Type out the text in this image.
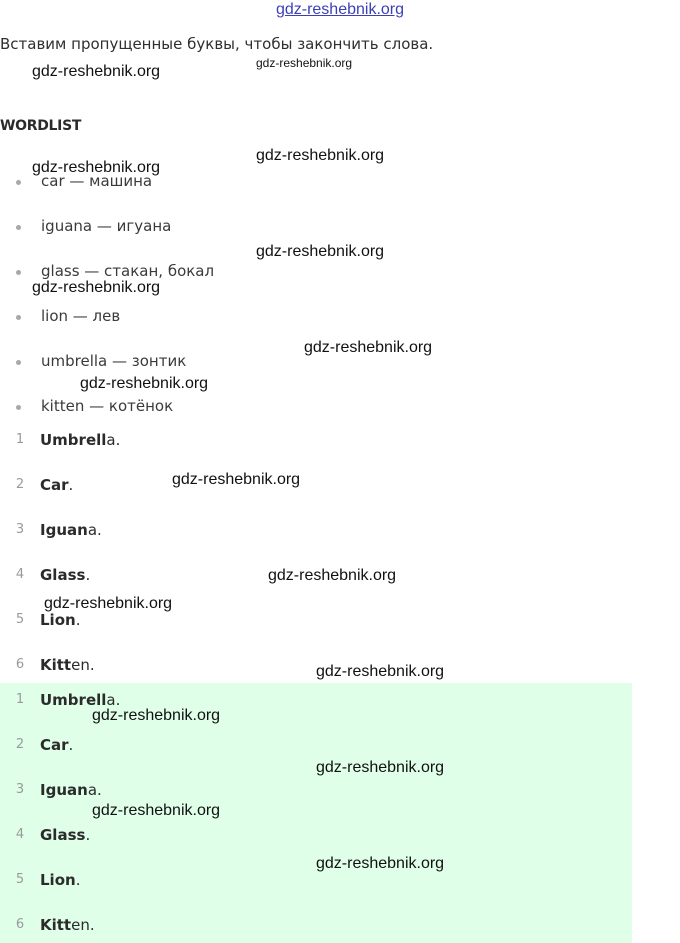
gdz-reshebnik.org
Вставим пропущенные буквы, чтобы закончить слова.
WORDLIST
car — машина
iguana — игуана
glass — стакан, бокал
lion — лев
umbrella — зонтик
kitten — котёнок
1 Umbrella.
2 Car.
3 Iguana.
4 Glass.
5 Lion.
6 Kitten.
1 Umbrella.
2 Car.
3 Iguana.
4 Glass.
5 Lion.
6 Kitten.
gdz-reshebnik.org
gdz-reshebnik.org
gdz-reshebnik.org
gdz-reshebnik.org
gdz-reshebnik.org
gdz-reshebnik.org
gdz-reshebnik.org
gdz-reshebnik.org
gdz-reshebnik.org
gdz-reshebnik.org
gdz-reshebnik.org
gdz-reshebnik.org
gdz-reshebnik.org
gdz-reshebnik.org
gdz-reshebnik.org
gdz-reshebnik.org
